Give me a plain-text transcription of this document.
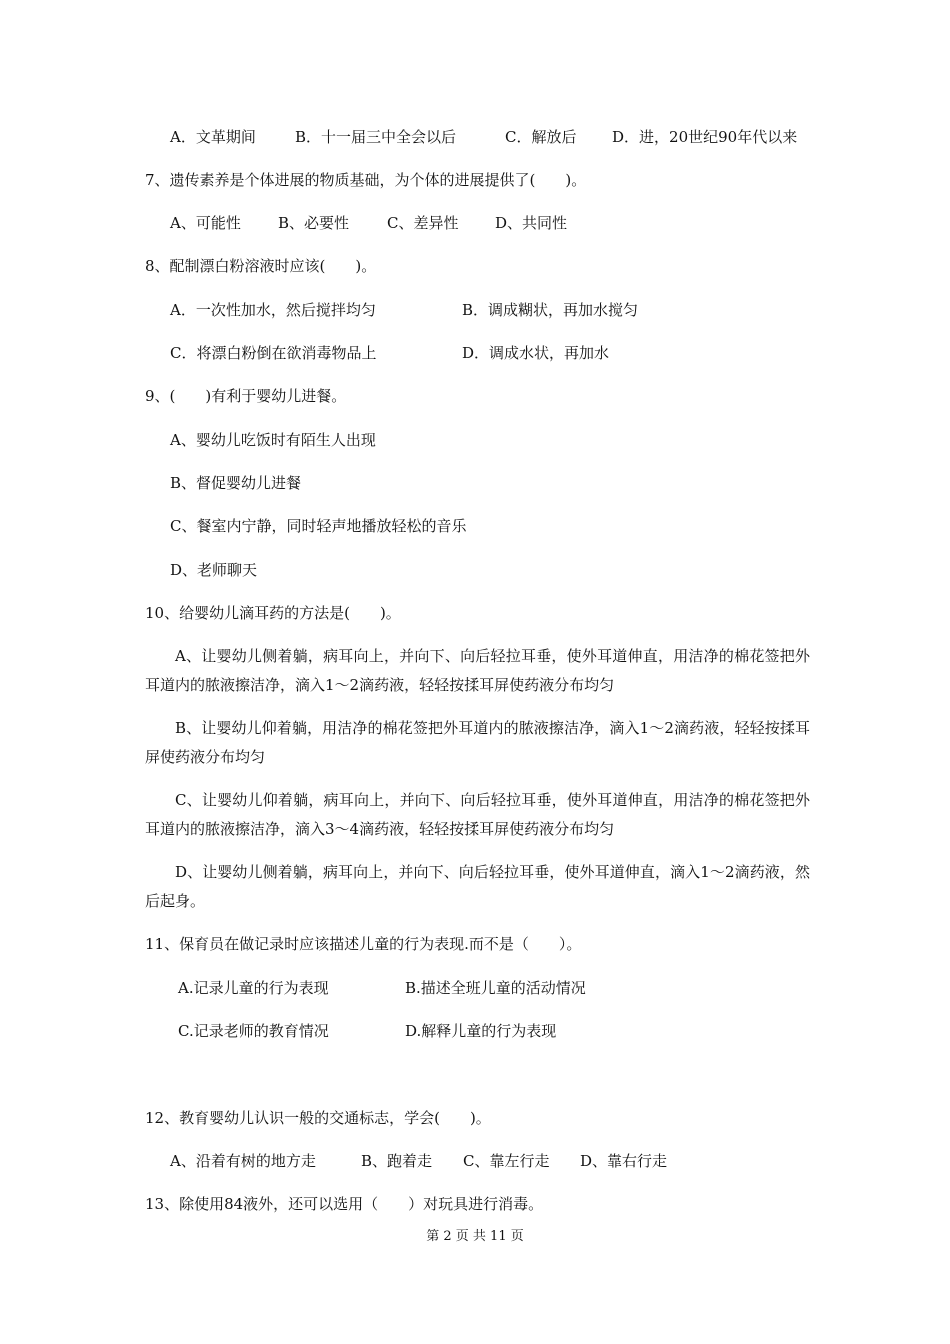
A．文革期间	B．十一届三中全会以后	C．解放后 D．进，20世纪90年代以来
7、遗传素养是个体进展的物质基础，为个体的进展提供了(　　)。
A、可能性 B、必要性	C、差异性 D、共同性
8、配制漂白粉溶液时应该(　　)。
A．一次性加水，然后搅拌均匀	B．调成糊状，再加水搅匀
C．将漂白粉倒在欲消毒物品上	D．调成水状，再加水
9、(　　)有利于婴幼儿进餐。
A、婴幼儿吃饭时有陌生人出现
B、督促婴幼儿进餐
C、餐室内宁静，同时轻声地播放轻松的音乐
D、老师聊天
10、给婴幼儿滴耳药的方法是(　　)。
A、让婴幼儿侧着躺，病耳向上，并向下、向后轻拉耳垂，使外耳道伸直，用洁净的棉花签把外耳道内的脓液擦洁净，滴入1～2滴药液，轻轻按揉耳屏使药液分布均匀
B、让婴幼儿仰着躺，用洁净的棉花签把外耳道内的脓液擦洁净，滴入1～2滴药液，轻轻按揉耳屏使药液分布均匀
C、让婴幼儿仰着躺，病耳向上，并向下、向后轻拉耳垂，使外耳道伸直，用洁净的棉花签把外耳道内的脓液擦洁净，滴入3～4滴药液，轻轻按揉耳屏使药液分布均匀
D、让婴幼儿侧着躺，病耳向上，并向下、向后轻拉耳垂，使外耳道伸直，滴入1～2滴药液，然后起身。
11、保育员在做记录时应该描述儿童的行为表现.而不是（　　）。
A.记录儿童的行为表现	B.描述全班儿童的活动情况
C.记录老师的教育情况	D.解释儿童的行为表现
12、教育婴幼儿认识一般的交通标志，学会(　　)。
A、沿着有树的地方走	B、跑着走 C、靠左行走 D、靠右行走
13、除使用84液外，还可以选用（　　）对玩具进行消毒。
第 2 页 共 11 页
